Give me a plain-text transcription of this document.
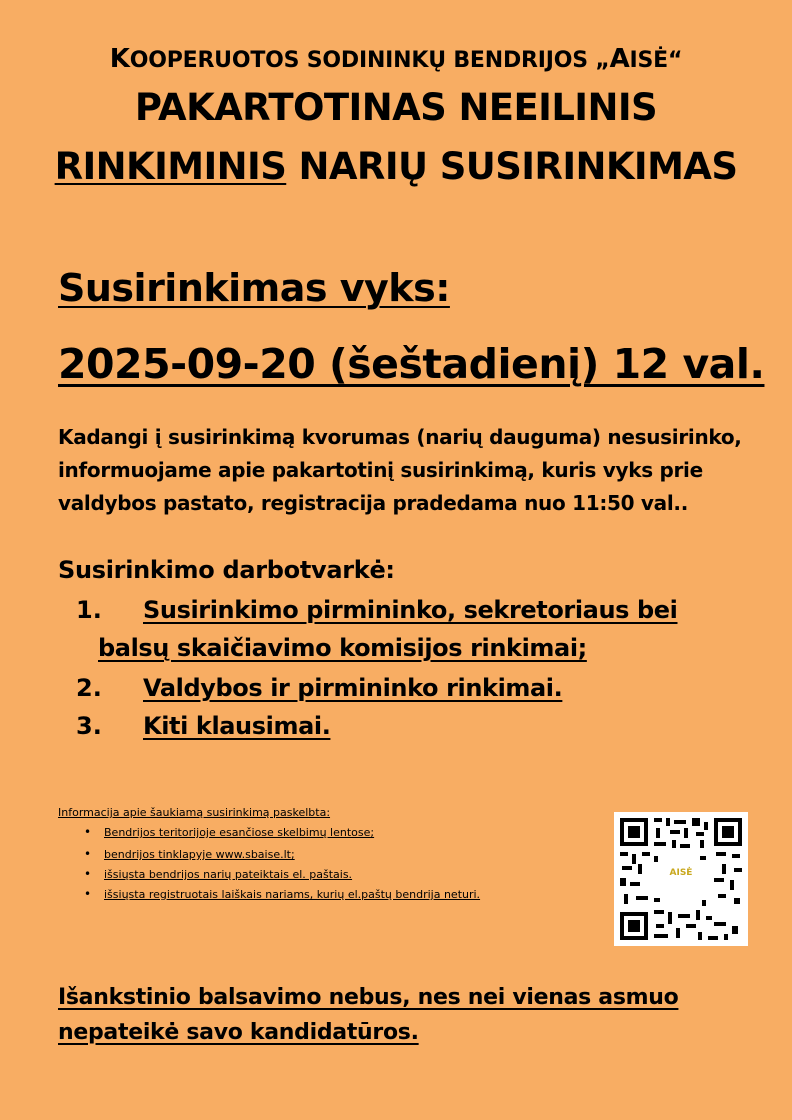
KOOPERUOTOS SODININKŲ BENDRIJOS „AISĖ“
PAKARTOTINAS NEEILINIS
RINKIMINIS NARIŲ SUSIRINKIMAS
Susirinkimas vyks:
2025-09-20 (šeštadienį) 12 val.
Kadangi į susirinkimą kvorumas (narių dauguma) nesusirinko,
informuojame apie pakartotinį susirinkimą, kuris vyks prie
valdybos pastato, registracija pradedama nuo 11:50 val..
Susirinkimo darbotvarkė:
1. Susirinkimo pirmininko, sekretoriaus bei
balsų skaičiavimo komisijos rinkimai;
2. Valdybos ir pirmininko rinkimai.
3. Kiti klausimai.
Informacija apie šaukiamą susirinkimą paskelbta:
• Bendrijos teritorijoje esančiose skelbimų lentose;
• bendrijos tinklapyje www.sbaise.lt;
• išsiųsta bendrijos narių pateiktais el. paštais.
• išsiųsta registruotais laiškais nariams, kurių el.paštų bendrija neturi.
AISĖ
Išankstinio balsavimo nebus, nes nei vienas asmuo
nepateikė savo kandidatūros.
